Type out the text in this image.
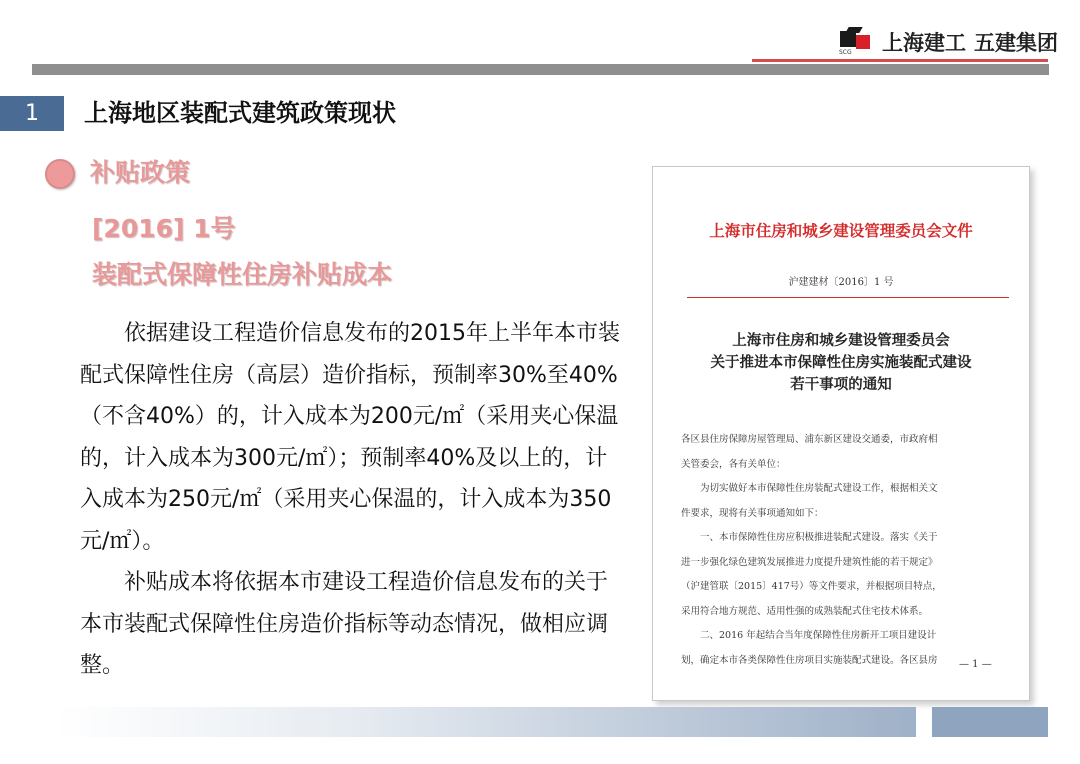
SCG 上海建工 五建集团
1	上海地区装配式建筑政策现状
补贴政策
[2016] 1号
装配式保障性住房补贴成本

依据建设工程造价信息发布的2015年上半年本市装配式保障性住房（高层）造价指标，预制率30%至40%（不含40%）的，计入成本为200元/㎡（采用夹心保温的，计入成本为300元/㎡）；预制率40%及以上的，计入成本为250元/㎡（采用夹心保温的，计入成本为350元/㎡）。

补贴成本将依据本市建设工程造价信息发布的关于本市装配式保障性住房造价指标等动态情况，做相应调整。

上海市住房和城乡建设管理委员会文件
沪建建材〔2016〕1 号
上海市住房和城乡建设管理委员会
关于推进本市保障性住房实施装配式建设
若干事项的通知
各区县住房保障房屋管理局、浦东新区建设交通委，市政府相
关管委会，各有关单位：
　　为切实做好本市保障性住房装配式建设工作，根据相关文
件要求，现将有关事项通知如下：
　　一、本市保障性住房应积极推进装配式建设。落实《关于
进一步强化绿色建筑发展推进力度提升建筑性能的若干规定》
（沪建管联〔2015〕417号）等文件要求，并根据项目特点，
采用符合地方规范、适用性强的成熟装配式住宅技术体系。
　　二、2016 年起结合当年度保障性住房新开工项目建设计
划，确定本市各类保障性住房项目实施装配式建设。各区县房	— 1 —
